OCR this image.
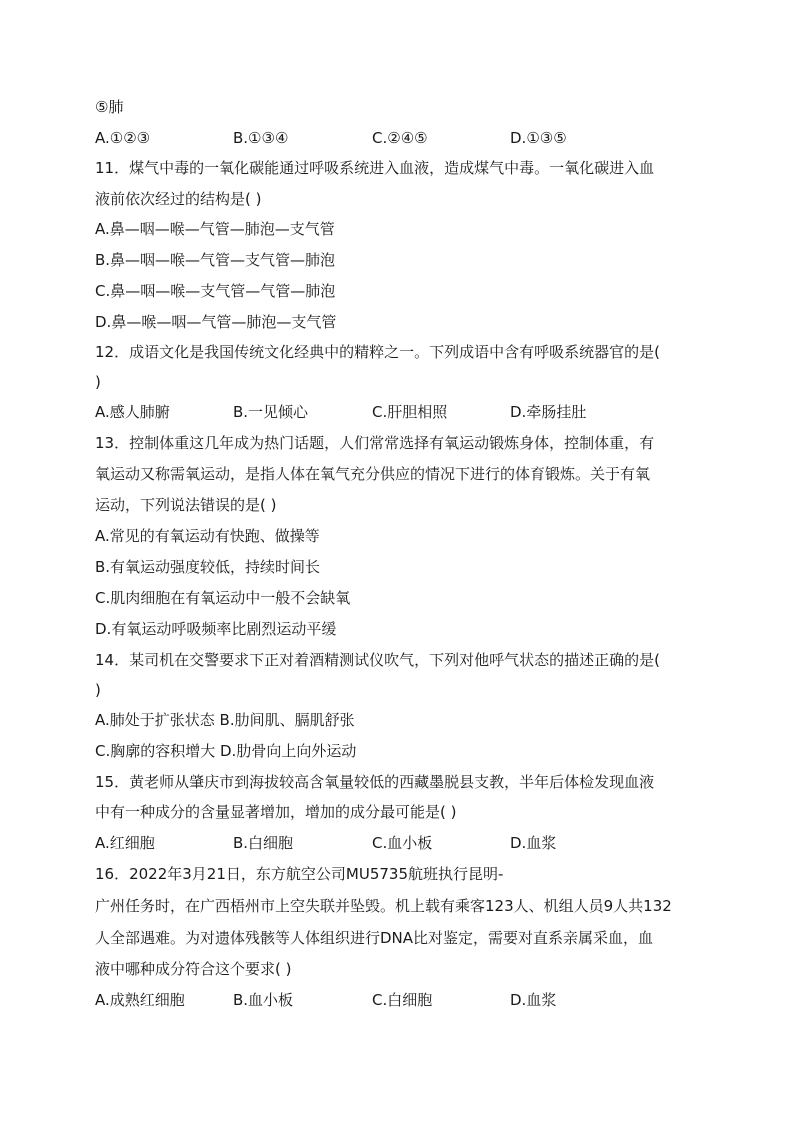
⑤肺
A.①②③	B.①③④	C.②④⑤	D.①③⑤
11．煤气中毒的一氧化碳能通过呼吸系统进入血液，造成煤气中毒。一氧化碳进入血
液前依次经过的结构是( )
A.鼻—咽—喉—气管—肺泡—支气管
B.鼻—咽—喉—气管—支气管—肺泡
C.鼻—咽—喉—支气管—气管—肺泡
D.鼻—喉—咽—气管—肺泡—支气管
12．成语文化是我国传统文化经典中的精粹之一。下列成语中含有呼吸系统器官的是(
)
A.感人肺腑	B.一见倾心	C.肝胆相照	D.牵肠挂肚
13．控制体重这几年成为热门话题，人们常常选择有氧运动锻炼身体，控制体重，有
氧运动又称需氧运动，是指人体在氧气充分供应的情况下进行的体育锻炼。关于有氧
运动，下列说法错误的是( )
A.常见的有氧运动有快跑、做操等
B.有氧运动强度较低，持续时间长
C.肌肉细胞在有氧运动中一般不会缺氧
D.有氧运动呼吸频率比剧烈运动平缓
14．某司机在交警要求下正对着酒精测试仪吹气，下列对他呼气状态的描述正确的是(
)
A.肺处于扩张状态 B.肋间肌、膈肌舒张
C.胸廓的容积增大 D.肋骨向上向外运动
15．黄老师从肇庆市到海拔较高含氧量较低的西藏墨脱县支教，半年后体检发现血液
中有一种成分的含量显著增加，增加的成分最可能是( )
A.红细胞	B.白细胞	C.血小板	D.血浆
16．2022年3月21日，东方航空公司MU5735航班执行昆明-
广州任务时，在广西梧州市上空失联并坠毁。机上载有乘客123人、机组人员9人共132
人全部遇难。为对遗体残骸等人体组织进行DNA比对鉴定，需要对直系亲属采血，血
液中哪种成分符合这个要求( )
A.成熟红细胞	B.血小板	C.白细胞	D.血浆
